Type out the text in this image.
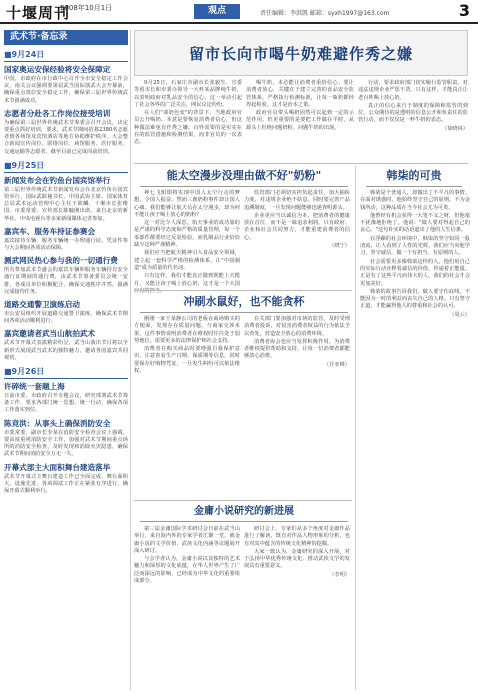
十堰周刊
2008年10月1日	观点	责任编辑：李洪凯 邮箱：syxh1997@163.com	3
武术节·备忘录
■9月24日
国家奥运安保经验将安全保障定
中国，市政府在市行政中心召开全市安全稳定工作会议，南关会议强调要第届武当国际演武大会开幕前，确保重点部位安全稳定工作，确保第三届世界传统武术节圆满成功。
志愿者分赴各工作岗位接受培训
为确保第三届世界传统武术节筹委会召开会议，决定要重点抓好培训，要求，武术节期间招募2380名志愿者到各场馆及宾馆酒店等地方协助维护秩序。大会整合新闻宣传岗位、联络岗位、场馆服务、医疗服务、交通运输等志愿者，截至目前已完成岗前培训。
■9月25日
新闻发布会在钓鱼台国宾馆举行
第三届世界传统武术节新闻发布会在北京钓鱼台国宾馆举行，国际武联秘书长、中国武协主席、国家体育总局武术运动管理中心主任王筱麟、十堰市长张维国、市委常委、宣传部长陈毓刚出席。来自北京的新华社、中央电视台等多家新闻媒体记者参加。
嘉宾车、服务车持证参赛会
嘉宾接待车辆、服务车辆统一办理通行证，凭证件参与大会期间各项活动保障。
测武网民热心参与我的一切通行费
所有参加武术节盛会的嘉宾车辆和服务车辆持有安全通行证期间的通行费，由武术节筹备委员会统一安排，各成员单位积极配合，确保交通秩序井然，圆满完成接待任务。
道路交通警卫演练启动
市公安局组织开展道路交通警卫演练，确保武术节期间各项活动顺利进行。
嘉宾邀请者武当山航拍武术
武术节开幕式表演精彩纷呈，武当山演出节目将以全新形式展现武当武术的独特魅力，邀请各国嘉宾共同观赏。
■9月26日
许碎统一套题上海
日前市委、市政府召开专题会议，研究部署武术节筹备工作，要求各部门统一思想，统一行动，确保各项工作落实到位。
陈竞洪：从事头上确保消防安全
市委常委、副市长李某在消防安全检查会议上强调，要高度重视消防安全工作，加强对武术节期间重点场所的消防安全检查，及时发现和消除火灾隐患，确保武术节期间消防安全万无一失。
开幕式部主大面积舞台建造落毕
武术节开幕式主舞台建造工作已全面完成，舞台面积大，设施先进，各项调试工作正在紧张有序进行，确保开幕式顺利举行。
留市长向市喝牛奶难避作秀之嫌

9月25日，石家庄市副市长张毅生、宣委等留市长和市委办领导一大杯某品牌纯牛奶，以表明政府对乳品安全的信心。这一举动引起了社会各界的广泛关注，网民议论纷纷。

在人们"谈奶色变"的背景下，当地政府官员公开喝奶，本意是要恢复消费者信心，但这种做法难免有作秀之嫌。百姓需要的是实实在在的监管措施和检测结果，而非官员的一次表态。

喝牛奶，未必能让消费者重拾信心。要让消费者放心，关键在于建立完善的食品安全监管体系，严格执行检测标准，让每一瓶奶都经得起检验，这才是治本之策。

政府官员带头喝奶固然可以起到一定的示范作用，但更重要的是要把工作做在平时，从源头上杜绝问题奶粉、问题牛奶的出现。

行动，要求政府部门切实履行监管职责，对违法违规企业严惩不贷。只有这样，才能真正让老百姓喝上放心奶。

真正的信心来自于制度的保障和监管的到位。公众期待的是透明的信息公开和负责任的监管行动，而不仅仅是一杯牛奶的表态。

（徐晓林）
能太空漫步没理由做不好"奶粉"

神七飞船即将实现中国人太空行走的梦想，令国人振奋。然而三鹿奶粉事件却让国人心痛。我们能够让航天员在太空漫步，却为何不能让孩子喝上放心的奶粉？

这一对比令人深思。航天事业的成功靠的是严谨的科学态度和严格的质量管理，每一个零部件都要经过反复检验。而乳制品行业恰恰缺少这种严谨精神。

我们应当把航天精神引入食品安全领域，建立起一套科学严格的检测体系，让"中国制造"成为质量的代名词。

只有这样，我们才能真正做到既能上天揽月，又能让孩子喝上放心奶，这才是一个大国

监管部门必须切实担负起责任，加大抽检力度，对违规企业绝不姑息。同时要完善产品追溯制度，一旦发现问题能够迅速查明源头。

企业更应当以诚信为本，把消费者的健康放在首位，而不是一味追求利润。只有政府、企业和社会共同努力，才能重建消费者的信心。

（晓宁）
冲刷水鼠好，也不能贪杯

刚刚一家王某静公司的老板在商场购买的方便面，发现存在质量问题，与商家交涉未果。这件事情说明消费者在维权时往往处于弱势地位，需要更多的法律保护和社会支持。

消费者在购买商品时要增强自我保护意识，注意查看生产日期、保质期等信息，同时要保存好购物凭证，一旦发生纠纷可以依法维权。

有关部门要加强对市场的监管，及时受理消费者投诉，对侵害消费者权益的行为依法予以查处，营造安全放心的消费环境。

消费者协会也应当发挥积极作用，为消费者维权提供帮助和支持，让每一位消费者都能够放心消费。

（许亚峰）
金庸小说研究的新进展

第三届金庸国际学术研讨会日前在武当山举行，来自海内外的专家学者汇聚一堂，就金庸小说的文学价值、武侠文化内涵等议题展开深入研讨。

与会学者认为，金庸小说以其独特的艺术魅力和深厚的文化底蕴，在华人世界产生了广泛而深远的影响，已经成为中华文化的重要组成部分。

研讨会上，专家们从多个角度对金庸作品进行了解读，既有对作品人物形象的分析，也有对其中蕴含的传统文化精神的挖掘。

大家一致认为，金庸研究的深入开展，对于弘扬中华优秀传统文化、推动武侠文学的发展具有重要意义。

（李明）
韩柒的可贵

韩柒是个普通人，却做出了不平凡的事情。在面对诱惑时，他始终坚守自己的原则，不为金钱所动，这种品质在当今社会尤为可贵。

他曾经有机会获得一大笔不义之财，但他毫不犹豫地拒绝了。他说："做人要对得起自己的良心。"这句朴实的话语道出了他的人生信条。

在浮躁的社会环境中，韩柒的坚守如同一股清流，让人看到了人性的光辉。我们应当向他学习，坚守诚信，做一个有担当、有原则的人。

社会需要更多像韩柒这样的人，他们用自己的实际行动诠释着诚信的价值，传递着正能量。正是有了这些平凡而伟大的人，我们的社会才会更加美好。

韩柒的故事告诉我们，做人要守住底线，不能因为一时的利益而丧失自己的人格。只有坚守正道，才能赢得他人的尊重和社会的认可。

（周云）
